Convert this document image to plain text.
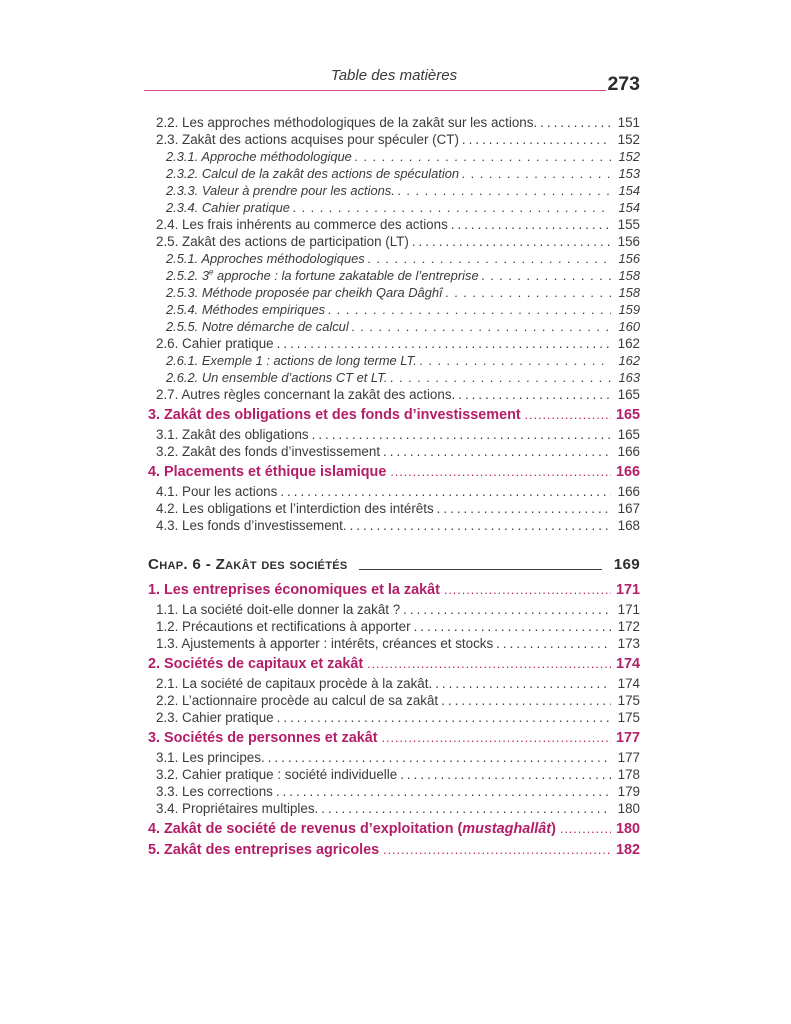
Table des matières	273
2.2. Les approches méthodologiques de la zakât sur les actions. .....	151
2.3. Zakât des actions acquises pour spéculer (CT) .....	152
2.3.1. Approche méthodologique .....	152
2.3.2. Calcul de la zakât des actions de spéculation .....	153
2.3.3. Valeur à prendre pour les actions. .....	154
2.3.4. Cahier pratique .....	154
2.4. Les frais inhérents au commerce des actions .....	155
2.5. Zakât des actions de participation (LT) .....	156
2.5.1. Approches méthodologiques .....	156
2.5.2. 3e approche : la fortune zakatable de l’entreprise .....	158
2.5.3. Méthode proposée par cheikh Qara Dâghî .....	158
2.5.4. Méthodes empiriques .....	159
2.5.5. Notre démarche de calcul .....	160
2.6. Cahier pratique .....	162
2.6.1. Exemple 1 : actions de long terme LT. .....	162
2.6.2. Un ensemble d’actions CT et LT. .....	163
2.7. Autres règles concernant la zakât des actions. .....	165
3. Zakât des obligations et des fonds d’investissement .....	165
3.1. Zakât des obligations .....	165
3.2. Zakât des fonds d’investissement .....	166
4. Placements et éthique islamique .....	166
4.1. Pour les actions .....	166
4.2. Les obligations et l’interdiction des intérêts .....	167
4.3. Les fonds d’investissement. .....	168
Chap. 6 - Zakât des sociétés	169
1. Les entreprises économiques et la zakât .....	171
1.1. La société doit-elle donner la zakât ? .....	171
1.2. Précautions et rectifications à apporter .....	172
1.3. Ajustements à apporter : intérêts, créances et stocks .....	173
2. Sociétés de capitaux et zakât .....	174
2.1. La société de capitaux procède à la zakât. .....	174
2.2. L’actionnaire procède au calcul de sa zakât .....	175
2.3. Cahier pratique .....	175
3. Sociétés de personnes et zakât .....	177
3.1. Les principes. .....	177
3.2. Cahier pratique : société individuelle .....	178
3.3. Les corrections .....	179
3.4. Propriétaires multiples. .....	180
4. Zakât de société de revenus d’exploitation (mustaghallât) .....	180
5. Zakât des entreprises agricoles .....	182
